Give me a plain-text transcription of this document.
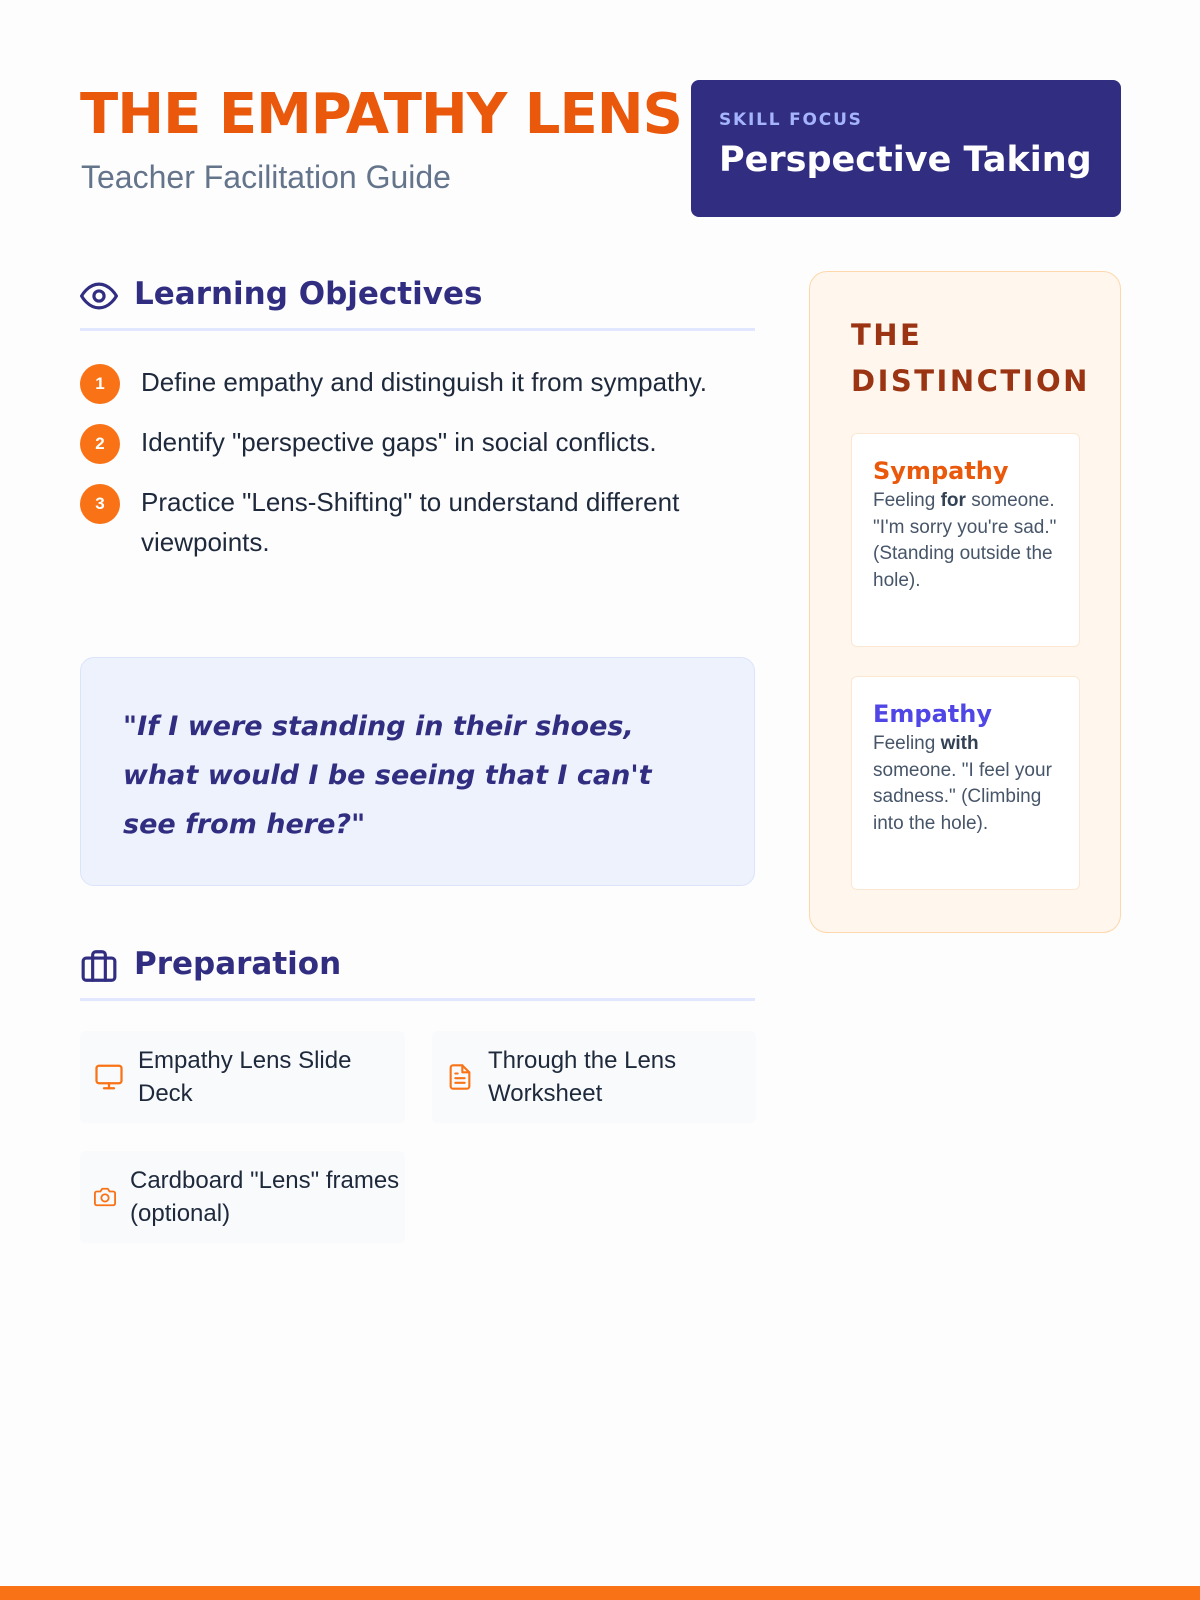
THE EMPATHY LENS
Teacher Facilitation Guide
SKILL FOCUS
Perspective Taking
Learning Objectives
1	Define empathy and distinguish it from sympathy.
2	Identify "perspective gaps" in social conflicts.
3	Practice "Lens-Shifting" to understand different viewpoints.

"If I were standing in their shoes, what would I be seeing that I can't see from here?"

Preparation
Empathy Lens Slide Deck
Through the Lens Worksheet
Cardboard "Lens" frames (optional)
THE DISTINCTION
Sympathy
Feeling for someone. "I'm sorry you're sad." (Standing outside the hole).
Empathy
Feeling with someone. "I feel your sadness." (Climbing into the hole).
